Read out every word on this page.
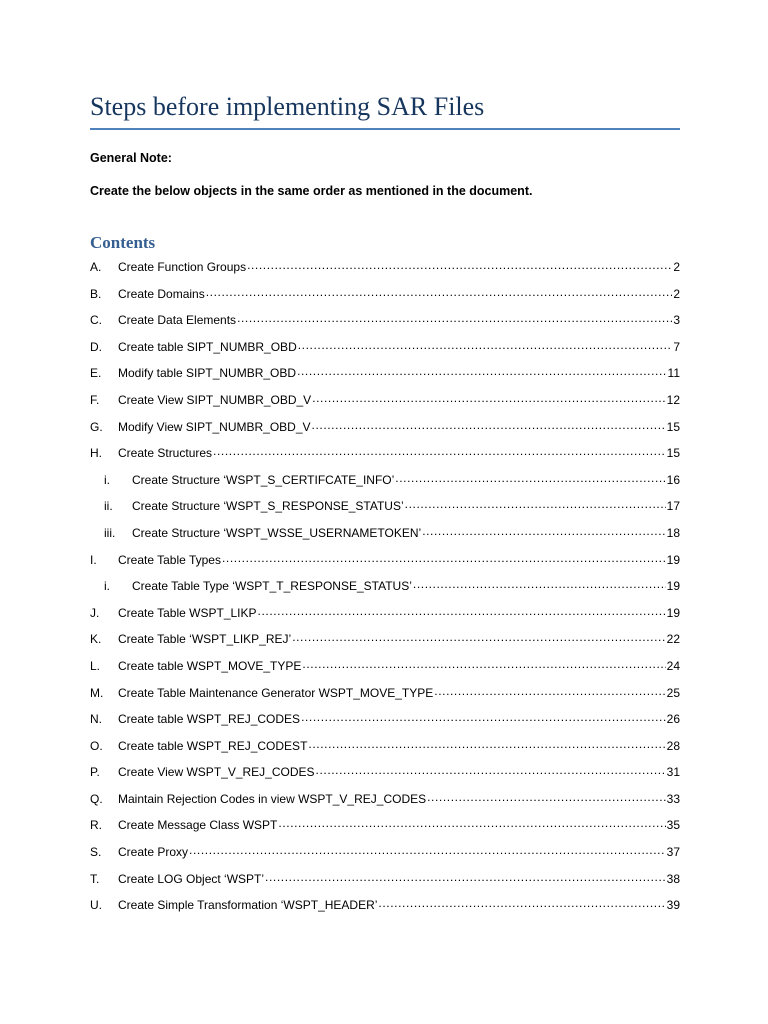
Steps before implementing SAR Files
General Note:
Create the below objects in the same order as mentioned in the document.
Contents
A.	Create Function Groups .....	2
B.	Create Domains .....	2
C.	Create Data Elements .....	3
D.	Create table SIPT_NUMBR_OBD .....	7
E.	Modify table SIPT_NUMBR_OBD .....	11
F.	Create View SIPT_NUMBR_OBD_V .....	12
G.	Modify View SIPT_NUMBR_OBD_V .....	15
H.	Create Structures .....	15
i.	Create Structure ‘WSPT_S_CERTIFCATE_INFO’ .....	16
ii.	Create Structure ‘WSPT_S_RESPONSE_STATUS’ .....	17
iii.	Create Structure ‘WSPT_WSSE_USERNAMETOKEN’ .....	18
I.	Create Table Types .....	19
i.	Create Table Type ‘WSPT_T_RESPONSE_STATUS’ .....	19
J.	Create Table WSPT_LIKP .....	19
K.	Create Table ‘WSPT_LIKP_REJ’ .....	22
L.	Create table WSPT_MOVE_TYPE .....	24
M.	Create Table Maintenance Generator WSPT_MOVE_TYPE .....	25
N.	Create table WSPT_REJ_CODES .....	26
O.	Create table WSPT_REJ_CODEST .....	28
P.	Create View WSPT_V_REJ_CODES .....	31
Q.	Maintain Rejection Codes in view WSPT_V_REJ_CODES .....	33
R.	Create Message Class WSPT .....	35
S.	Create Proxy .....	37
T.	Create LOG Object ‘WSPT’ .....	38
U.	Create Simple Transformation ‘WSPT_HEADER’ .....	39
